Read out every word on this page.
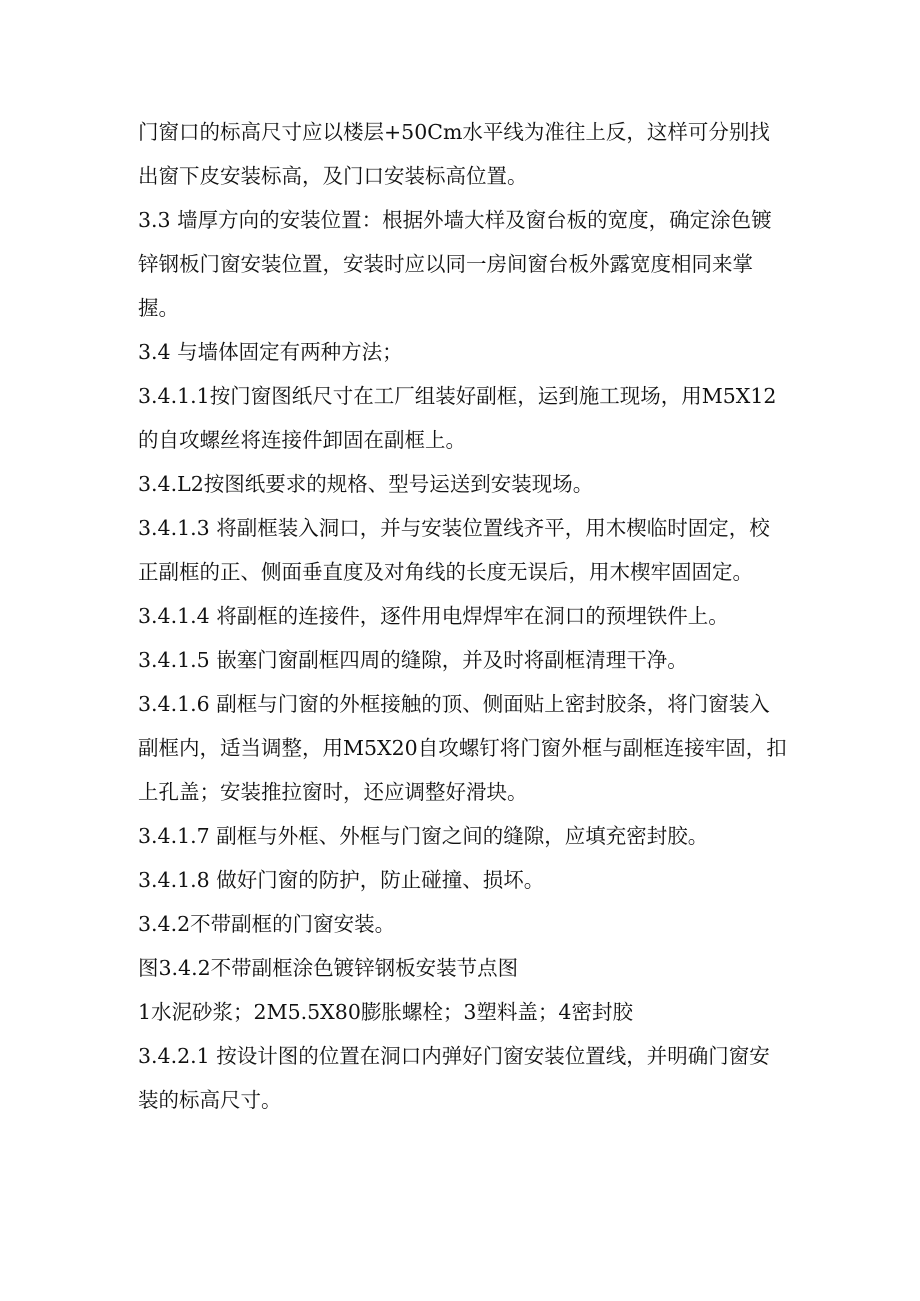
门窗口的标高尺寸应以楼层+50Cm水平线为准往上反，这样可分别找出窗下皮安装标高，及门口安装标高位置。

3.3 墙厚方向的安装位置：根据外墙大样及窗台板的宽度，确定涂色镀锌钢板门窗安装位置，安装时应以同一房间窗台板外露宽度相同来掌握。

3.4 与墙体固定有两种方法；

3.4.1.1按门窗图纸尺寸在工厂组装好副框，运到施工现场，用M5X12的自攻螺丝将连接件卸固在副框上。

3.4.L2按图纸要求的规格、型号运送到安装现场。

3.4.1.3 将副框装入洞口，并与安装位置线齐平，用木楔临时固定，校正副框的正、侧面垂直度及对角线的长度无误后，用木楔牢固固定。

3.4.1.4 将副框的连接件，逐件用电焊焊牢在洞口的预埋铁件上。

3.4.1.5 嵌塞门窗副框四周的缝隙，并及时将副框清理干净。

3.4.1.6 副框与门窗的外框接触的顶、侧面贴上密封胶条，将门窗装入副框内，适当调整，用M5X20自攻螺钉将门窗外框与副框连接牢固，扣上孔盖；安装推拉窗时，还应调整好滑块。

3.4.1.7 副框与外框、外框与门窗之间的缝隙，应填充密封胶。

3.4.1.8 做好门窗的防护，防止碰撞、损坏。

3.4.2不带副框的门窗安装。

图3.4.2不带副框涂色镀锌钢板安装节点图

1水泥砂浆；2M5.5X80膨胀螺栓；3塑料盖；4密封胶

3.4.2.1 按设计图的位置在洞口内弹好门窗安装位置线，并明确门窗安装的标高尺寸。
